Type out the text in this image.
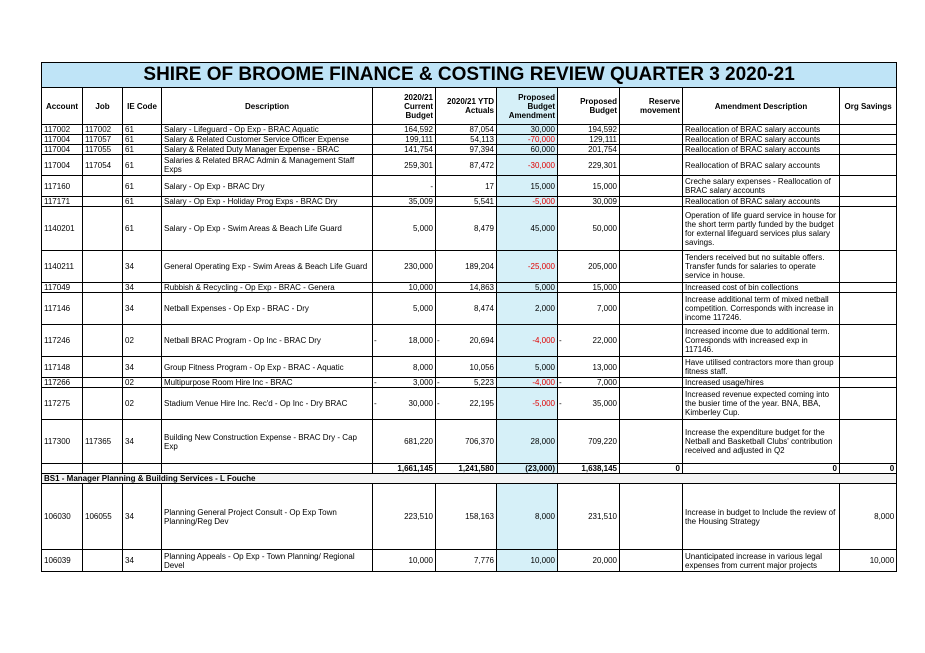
SHIRE OF BROOME FINANCE & COSTING REVIEW QUARTER 3 2020-21										
Account	Job	IE Code	Description	2020/21 Current Budget	2020/21 YTD Actuals	Proposed Budget Amendment	Proposed Budget	Reserve movement	Amendment Description	Org Savings
117002	117002	61	Salary - Lifeguard - Op Exp - BRAC Aquatic	164,592	87,054	30,000	194,592		Reallocation of BRAC salary accounts	
117004	117057	61	Salary & Related Customer Service Officer Expense	199,111	54,113	-70,000	129,111		Reallocation of BRAC salary accounts	
117004	117055	61	Salary & Related Duty Manager Expense - BRAC	141,754	97,394	60,000	201,754		Reallocation of BRAC salary accounts	
117004	117054	61	Salaries & Related BRAC Admin & Management Staff Exps	259,301	87,472	-30,000	229,301		Reallocation of BRAC salary accounts	
117160		61	Salary - Op Exp - BRAC Dry	-	17	15,000	15,000		Creche salary expenses - Reallocation of BRAC salary accounts	
117171		61	Salary - Op Exp - Holiday Prog Exps - BRAC Dry	35,009	5,541	-5,000	30,009		Reallocation of BRAC salary accounts	
1140201		61	Salary - Op Exp - Swim Areas & Beach Life Guard	5,000	8,479	45,000	50,000		Operation of life guard service in house for the short term partly funded by the budget for external lifeguard services plus salary savings.	
1140211		34	General Operating Exp - Swim Areas & Beach Life Guard	230,000	189,204	-25,000	205,000		Tenders received but no suitable offers. Transfer funds for salaries to operate service in house.	
117049		34	Rubbish & Recycling - Op Exp - BRAC - Genera	10,000	14,863	5,000	15,000		Increased cost of bin collections	
117146		34	Netball Expenses - Op Exp - BRAC - Dry	5,000	8,474	2,000	7,000		Increase additional term of mixed netball competition. Corresponds with increase in income 117246.	
117246		02	Netball BRAC Program - Op Inc - BRAC Dry	- 18,000	- 20,694	-4,000	- 22,000		Increased income due to additional term. Corresponds with increased exp in 117146.	
117148		34	Group Fitness Program - Op Exp - BRAC - Aquatic	8,000	10,056	5,000	13,000		Have utilised contractors more than group fitness staff.	
117266		02	Multipurpose Room Hire Inc - BRAC	- 3,000	- 5,223	-4,000	- 7,000		Increased usage/hires	
117275		02	Stadium Venue Hire Inc. Rec'd - Op Inc - Dry BRAC	- 30,000	- 22,195	-5,000	- 35,000		Increased revenue expected coming into the busier time of the year. BNA, BBA, Kimberley Cup.	
117300	117365	34	Building New Construction Expense - BRAC Dry - Cap Exp	681,220	706,370	28,000	709,220		Increase the expenditure budget for the Netball and Basketball Clubs' contribution received and adjusted in Q2	
				1,661,145	1,241,580	(23,000)	1,638,145	0	0	0
BS1 - Manager Planning & Building Services - L Fouche										
106030	106055	34	Planning General Project Consult - Op Exp Town Planning/Reg Dev	223,510	158,163	8,000	231,510		Increase in budget to Include the review of the Housing Strategy	8,000
106039		34	Planning Appeals - Op Exp - Town Planning/ Regional Devel	10,000	7,776	10,000	20,000		Unanticipated increase in various legal expenses from current major projects	10,000
